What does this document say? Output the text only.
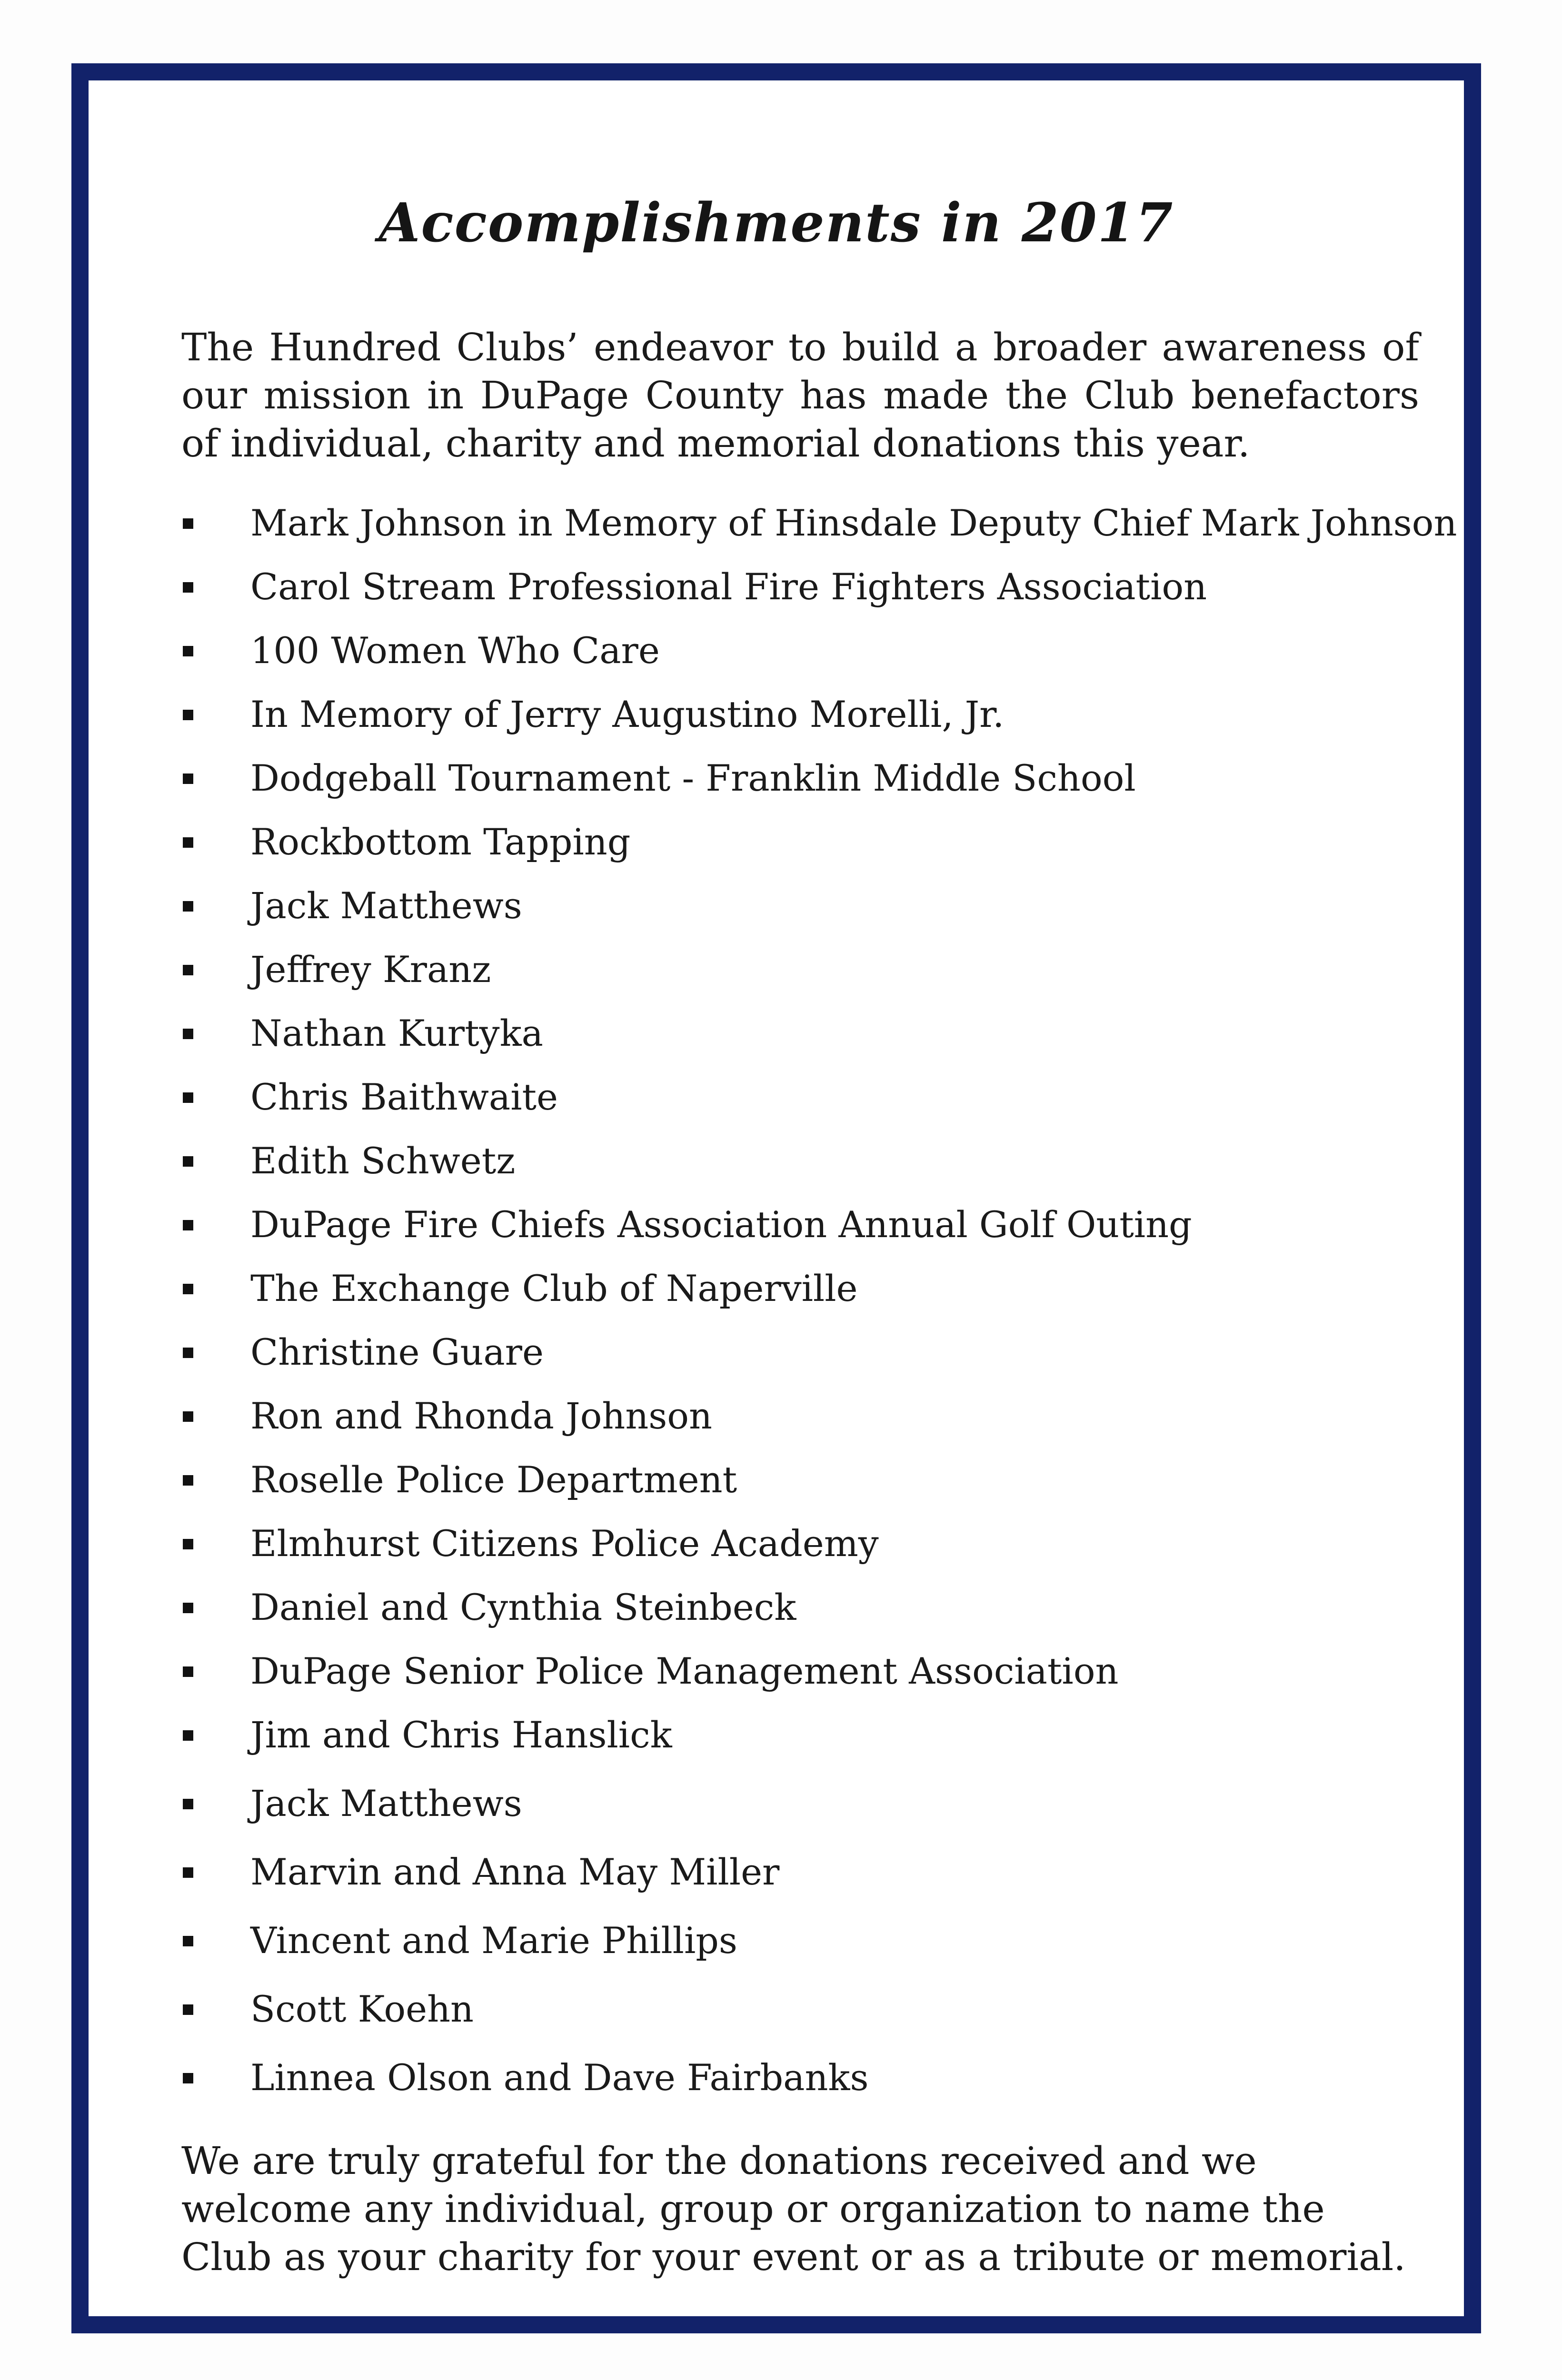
Accomplishments in 2017

The Hundred Clubs’ endeavor to build a broader awareness of our mission in DuPage County has made the Club benefactors of individual, charity and memorial donations this year.

Mark Johnson in Memory of Hinsdale Deputy Chief Mark Johnson
Carol Stream Professional Fire Fighters Association
100 Women Who Care
In Memory of Jerry Augustino Morelli, Jr.
Dodgeball Tournament - Franklin Middle School
Rockbottom Tapping
Jack Matthews
Jeffrey Kranz
Nathan Kurtyka
Chris Baithwaite
Edith Schwetz
DuPage Fire Chiefs Association Annual Golf Outing
The Exchange Club of Naperville
Christine Guare
Ron and Rhonda Johnson
Roselle Police Department
Elmhurst Citizens Police Academy
Daniel and Cynthia Steinbeck
DuPage Senior Police Management Association
Jim and Chris Hanslick
Jack Matthews
Marvin and Anna May Miller
Vincent and Marie Phillips
Scott Koehn
Linnea Olson and Dave Fairbanks

We are truly grateful for the donations received and we welcome any individual, group or organization to name the Club as your charity for your event or as a tribute or memorial.
